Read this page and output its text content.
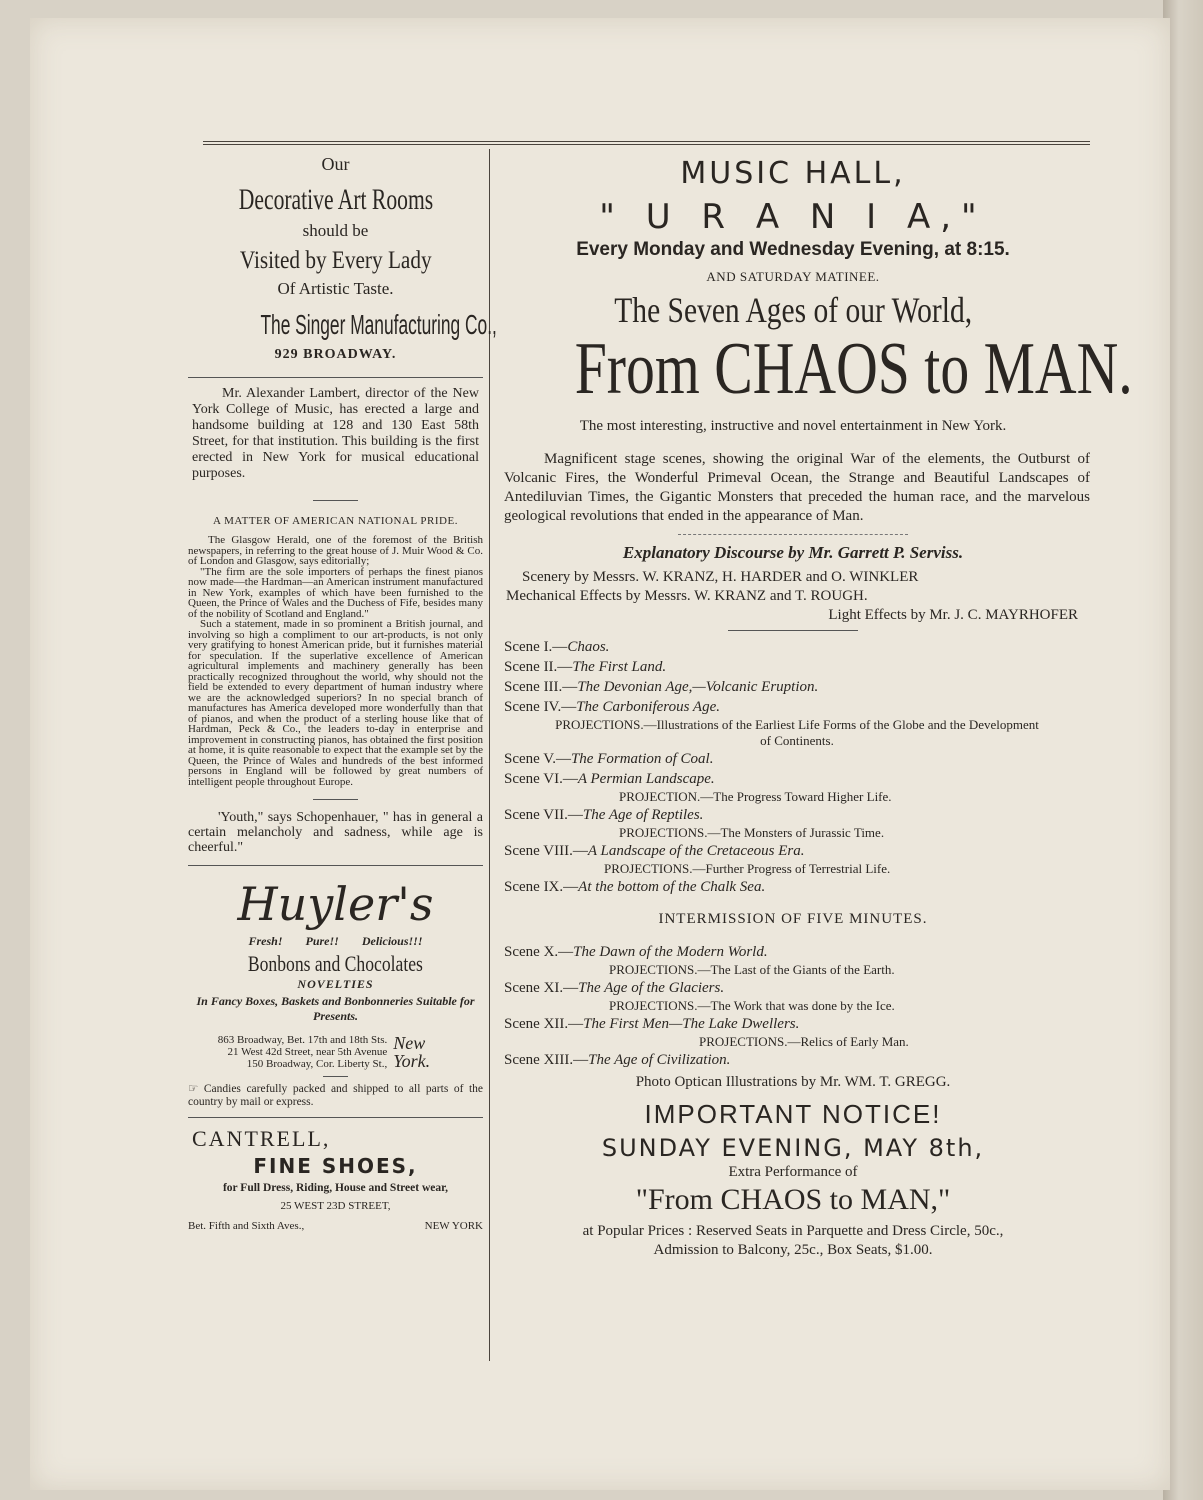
Our
Decorative Art Rooms
should be
Visited by Every Lady
Of Artistic Taste.
The Singer Manufacturing Co.,
929 BROADWAY.
Mr. Alexander Lambert, director of the New York College of Music, has erected a large and handsome building at 128 and 130 East 58th Street, for that institution. This building is the first erected in New York for musical educational purposes.
A MATTER OF AMERICAN NATIONAL PRIDE.
The Glasgow Herald, one of the foremost of the British newspapers, in referring to the great house of J. Muir Wood & Co. of London and Glasgow, says editorially;
"The firm are the sole importers of perhaps the finest pianos now made—the Hardman—an American instrument manufactured in New York, examples of which have been furnished to the Queen, the Prince of Wales and the Duchess of Fife, besides many of the nobility of Scotland and England."
Such a statement, made in so prominent a British journal, and involving so high a compliment to our art-products, is not only very gratifying to honest American pride, but it furnishes material for speculation. If the superlative excellence of American agricultural implements and machinery generally has been practically recognized throughout the world, why should not the field be extended to every department of human industry where we are the acknowledged superiors? In no special branch of manufactures has America developed more wonderfully than that of pianos, and when the product of a sterling house like that of Hardman, Peck & Co., the leaders to-day in enterprise and improvement in constructing pianos, has obtained the first position at home, it is quite reasonable to expect that the example set by the Queen, the Prince of Wales and hundreds of the best informed persons in England will be followed by great numbers of intelligent people throughout Europe.
'Youth," says Schopenhauer, " has in general a certain melancholy and sadness, while age is cheerful."
Huyler's
Fresh! Pure!! Delicious!!!
Bonbons and Chocolates
NOVELTIES
In Fancy Boxes, Baskets and Bonbonneries Suitable for Presents.
863 Broadway, Bet. 17th and 18th Sts.
21 West 42d Street, near 5th Avenue
150 Broadway, Cor. Liberty St.,
New York.
☞ Candies carefully packed and shipped to all parts of the country by mail or express.
CANTRELL,
FINE SHOES,
for Full Dress, Riding, House and Street wear,
25 WEST 23D STREET,
Bet. Fifth and Sixth Aves.,	NEW YORK
MUSIC HALL,
" U R A N I A,"
Every Monday and Wednesday Evening, at 8:15.
AND SATURDAY MATINEE.
The Seven Ages of our World,
From CHAOS to MAN.
The most interesting, instructive and novel entertainment in New York.
Magnificent stage scenes, showing the original War of the elements, the Outburst of Volcanic Fires, the Wonderful Primeval Ocean, the Strange and Beautiful Landscapes of Antediluvian Times, the Gigantic Monsters that preceded the human race, and the marvelous geological revolutions that ended in the appearance of Man.
Explanatory Discourse by Mr. Garrett P. Serviss.
Scenery by Messrs. W. KRANZ, H. HARDER and O. WINKLER
Mechanical Effects by Messrs. W. KRANZ and T. ROUGH.
Light Effects by Mr. J. C. MAYRHOFER
Scene I.—Chaos.
Scene II.—The First Land.
Scene III.—The Devonian Age,—Volcanic Eruption.
Scene IV.—The Carboniferous Age.
PROJECTIONS.—Illustrations of the Earliest Life Forms of the Globe and the Development of Continents.
Scene V.—The Formation of Coal.
Scene VI.—A Permian Landscape.
PROJECTION.—The Progress Toward Higher Life.
Scene VII.—The Age of Reptiles.
PROJECTIONS.—The Monsters of Jurassic Time.
Scene VIII.—A Landscape of the Cretaceous Era.
PROJECTIONS.—Further Progress of Terrestrial Life.
Scene IX.—At the bottom of the Chalk Sea.
INTERMISSION OF FIVE MINUTES.
Scene X.—The Dawn of the Modern World.
PROJECTIONS.—The Last of the Giants of the Earth.
Scene XI.—The Age of the Glaciers.
PROJECTIONS.—The Work that was done by the Ice.
Scene XII.—The First Men—The Lake Dwellers.
PROJECTIONS.—Relics of Early Man.
Scene XIII.—The Age of Civilization.
Photo Optican Illustrations by Mr. WM. T. GREGG.
IMPORTANT NOTICE!
SUNDAY EVENING, MAY 8th,
Extra Performance of
"From CHAOS to MAN,"
at Popular Prices : Reserved Seats in Parquette and Dress Circle, 50c.,
Admission to Balcony, 25c., Box Seats, $1.00.
